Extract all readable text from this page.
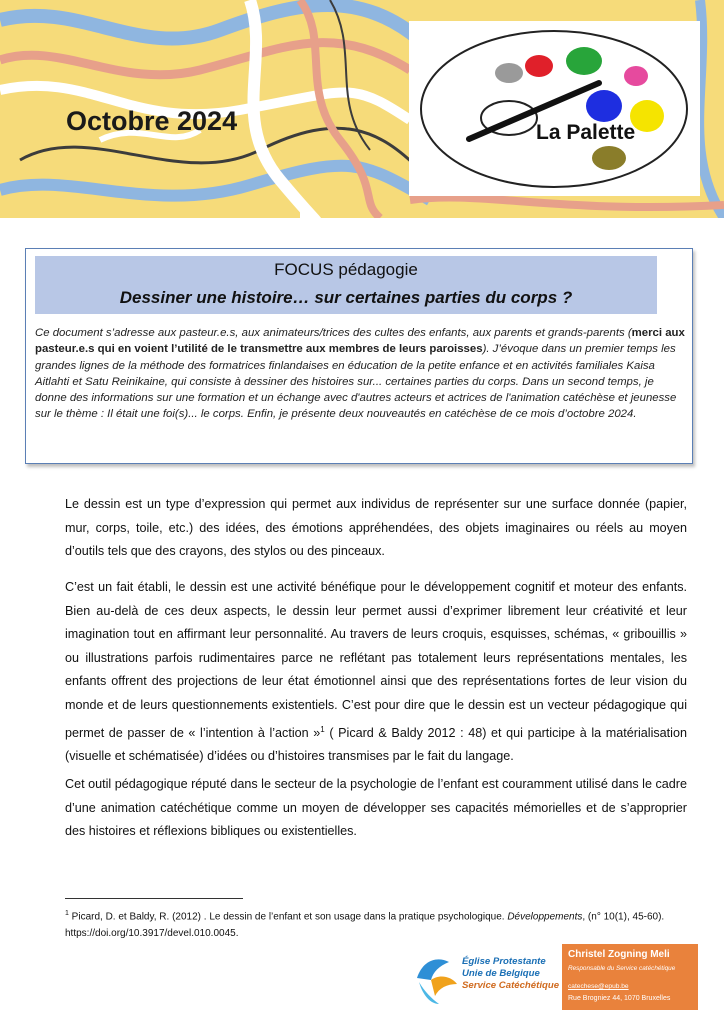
Octobre 2024	La Palette
FOCUS pédagogie
Dessiner une histoire… sur certaines parties du corps ?
Ce document s’adresse aux pasteur.e.s, aux animateurs/trices des cultes des enfants, aux parents et grands-parents (merci aux pasteur.e.s qui en voient l’utilité de le transmettre aux membres de leurs paroisses). J’évoque dans un premier temps les grandes lignes de la méthode des formatrices finlandaises en éducation de la petite enfance et en activités familiales Kaisa Aitlahti et Satu Reinikaine, qui consiste à dessiner des histoires sur... certaines parties du corps. Dans un second temps, je donne des informations sur une formation et un échange avec d'autres acteurs et actrices de l'animation catéchèse et jeunesse sur le thème : Il était une foi(s)... le corps. Enfin, je présente deux nouveautés en catéchèse de ce mois d’octobre 2024.
Le dessin est un type d’expression qui permet aux individus de représenter sur une surface donnée (papier, mur, corps, toile, etc.) des idées, des émotions appréhendées, des objets imaginaires ou réels au moyen d’outils tels que des crayons, des stylos ou des pinceaux.
C’est un fait établi, le dessin est une activité bénéfique pour le développement cognitif et moteur des enfants. Bien au-delà de ces deux aspects, le dessin leur permet aussi d’exprimer librement leur créativité et leur imagination tout en affirmant leur personnalité. Au travers de leurs croquis, esquisses, schémas, « gribouillis » ou illustrations parfois rudimentaires parce ne reflétant pas totalement leurs représentations mentales, les enfants offrent des projections de leur état émotionnel ainsi que des représentations fortes de leur vision du monde et de leurs questionnements existentiels. C’est pour dire que le dessin est un vecteur pédagogique qui permet de passer de « l’intention à l’action »$^1$ ( Picard & Baldy 2012 : 48) et qui participe à la matérialisation (visuelle et schématisée) d’idées ou d’histoires transmises par le fait du langage.
Cet outil pédagogique réputé dans le secteur de la psychologie de l’enfant est couramment utilisé dans le cadre d’une animation catéchétique comme un moyen de développer ses capacités mémorielles et de s’approprier des histoires et réflexions bibliques ou existentielles.
$^1$ Picard, D. et Baldy, R. (2012) . Le dessin de l’enfant et son usage dans la pratique psychologique. Développements, (n° 10(1), 45-60). https://doi.org/10.3917/devel.010.0045.
Église Protestante
Unie de Belgique
Service Catéchétique
Christel Zogning Meli
Responsable du Service catéchétique
catechese@epub.be
Rue Brogniez 44, 1070 Bruxelles
